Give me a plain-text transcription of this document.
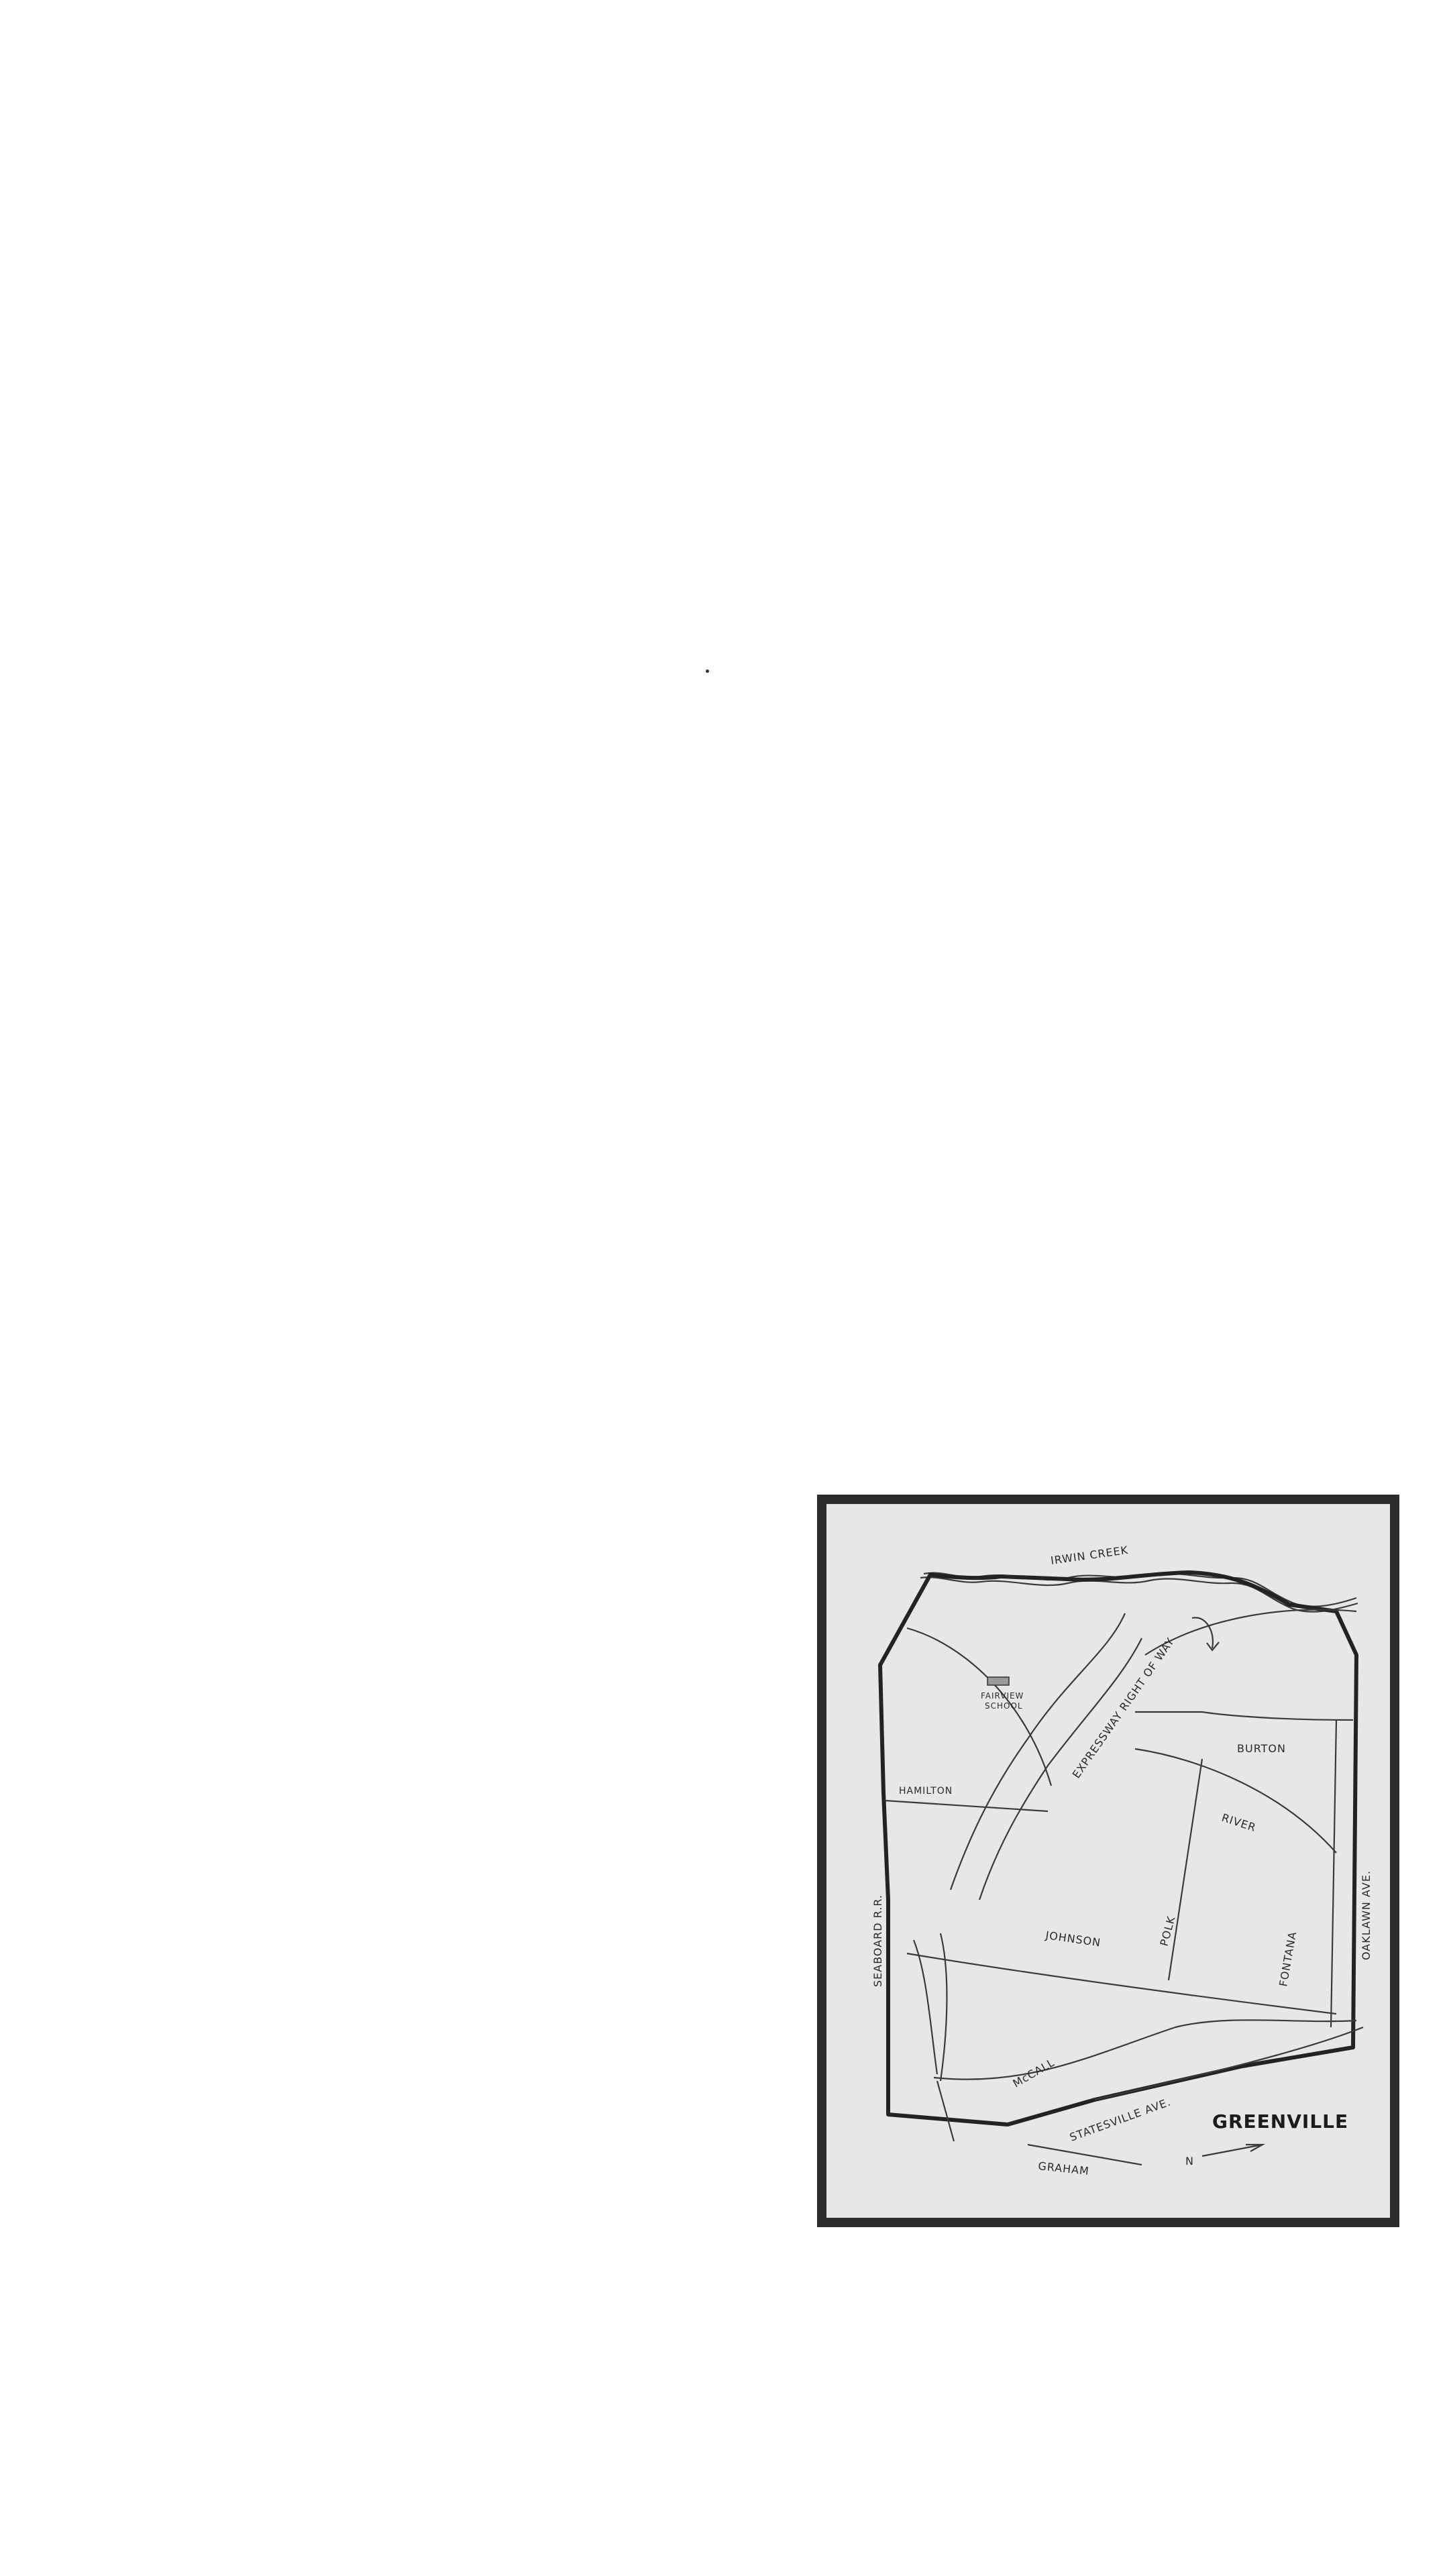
IRWIN CREEK
EXPRESSWAY RIGHT OF WAY
FAIRVIEW
SCHOOL
BURTON
HAMILTON
RIVER
SEABOARD R.R.	OAKLAWN AVE.
JOHNSON	POLK	FONTANA
McCALL
STATESVILLE AVE.
GRAHAM
GREENVILLE
N
